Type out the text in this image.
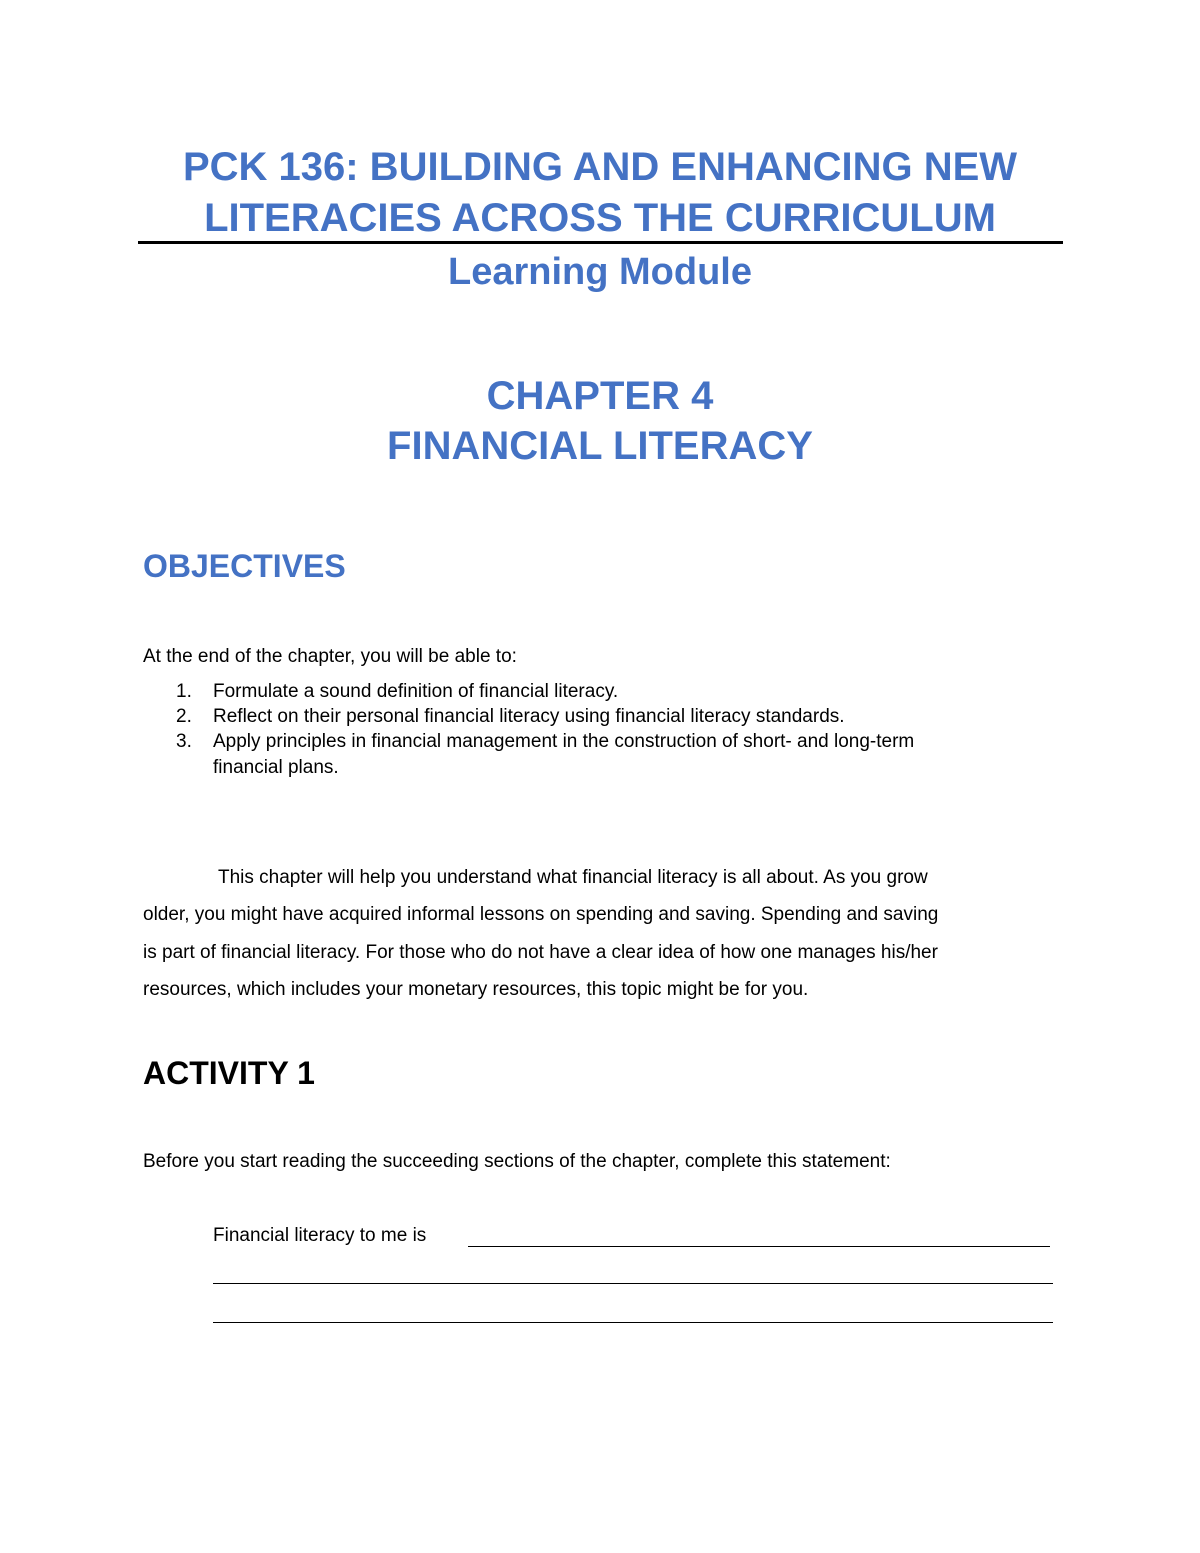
PCK 136: BUILDING AND ENHANCING NEW
LITERACIES ACROSS THE CURRICULUM
Learning Module
CHAPTER 4
FINANCIAL LITERACY
OBJECTIVES
At the end of the chapter, you will be able to:
1. Formulate a sound definition of financial literacy.
2. Reflect on their personal financial literacy using financial literacy standards.
3. Apply principles in financial management in the construction of short- and long-term
financial plans.
This chapter will help you understand what financial literacy is all about. As you grow
older, you might have acquired informal lessons on spending and saving. Spending and saving
is part of financial literacy. For those who do not have a clear idea of how one manages his/her
resources, which includes your monetary resources, this topic might be for you.
ACTIVITY 1
Before you start reading the succeeding sections of the chapter, complete this statement:
Financial literacy to me is
